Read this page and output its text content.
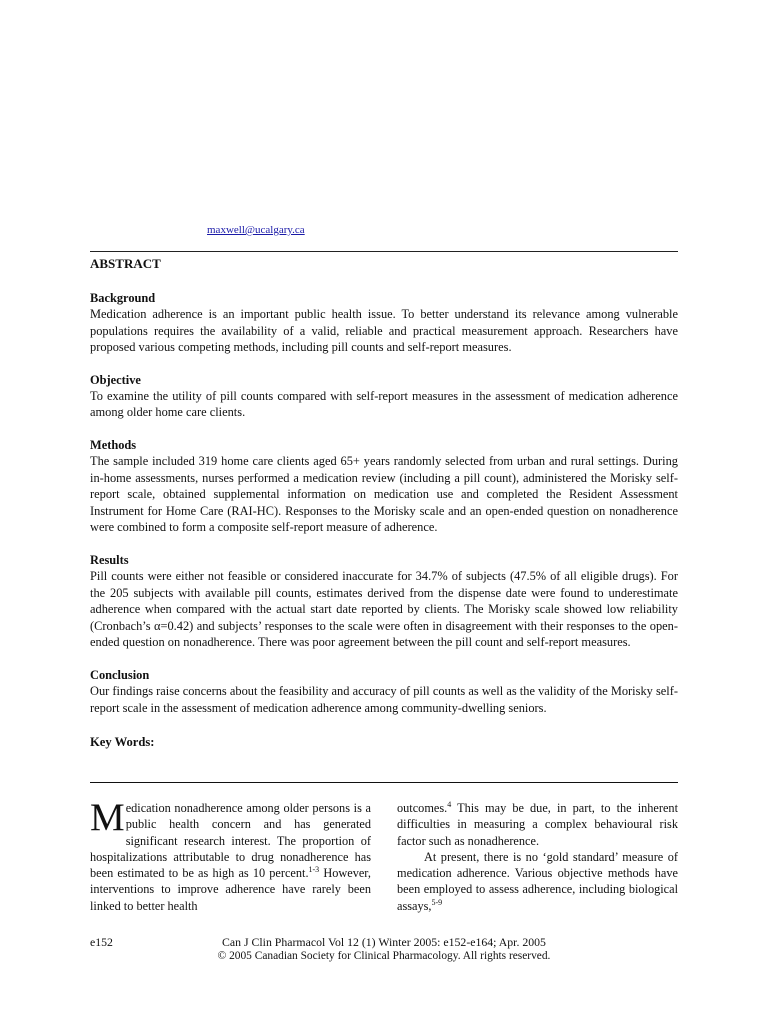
maxwell@ucalgary.ca
ABSTRACT
Background

Medication adherence is an important public health issue. To better understand its relevance among vulnerable populations requires the availability of a valid, reliable and practical measurement approach. Researchers have proposed various competing methods, including pill counts and self-report measures.

Objective

To examine the utility of pill counts compared with self-report measures in the assessment of medication adherence among older home care clients.

Methods

The sample included 319 home care clients aged 65+ years randomly selected from urban and rural settings. During in-home assessments, nurses performed a medication review (including a pill count), administered the Morisky self-report scale, obtained supplemental information on medication use and completed the Resident Assessment Instrument for Home Care (RAI-HC). Responses to the Morisky scale and an open-ended question on nonadherence were combined to form a composite self-report measure of adherence.

Results

Pill counts were either not feasible or considered inaccurate for 34.7% of subjects (47.5% of all eligible drugs). For the 205 subjects with available pill counts, estimates derived from the dispense date were found to underestimate adherence when compared with the actual start date reported by clients. The Morisky scale showed low reliability (Cronbach’s α=0.42) and subjects’ responses to the scale were often in disagreement with their responses to the open-ended question on nonadherence. There was poor agreement between the pill count and self-report measures.

Conclusion

Our findings raise concerns about the feasibility and accuracy of pill counts as well as the validity of the Morisky self-report scale in the assessment of medication adherence among community-dwelling seniors.

Key Words:

Medication nonadherence among older persons is a public health concern and has generated significant research interest. The proportion of hospitalizations attributable to drug nonadherence has been estimated to be as high as 10 percent.$^{1-3}$ However, interventions to improve adherence have rarely been linked to better health

outcomes.$^4$ This may be due, in part, to the inherent difficulties in measuring a complex behavioural risk factor such as nonadherence.

At present, there is no ‘gold standard’ measure of medication adherence. Various objective methods have been employed to assess adherence, including biological assays,$^{5-9}$

e152	Can J Clin Pharmacol Vol 12 (1) Winter 2005: e152-e164; Apr. 2005
© 2005 Canadian Society for Clinical Pharmacology. All rights reserved.
